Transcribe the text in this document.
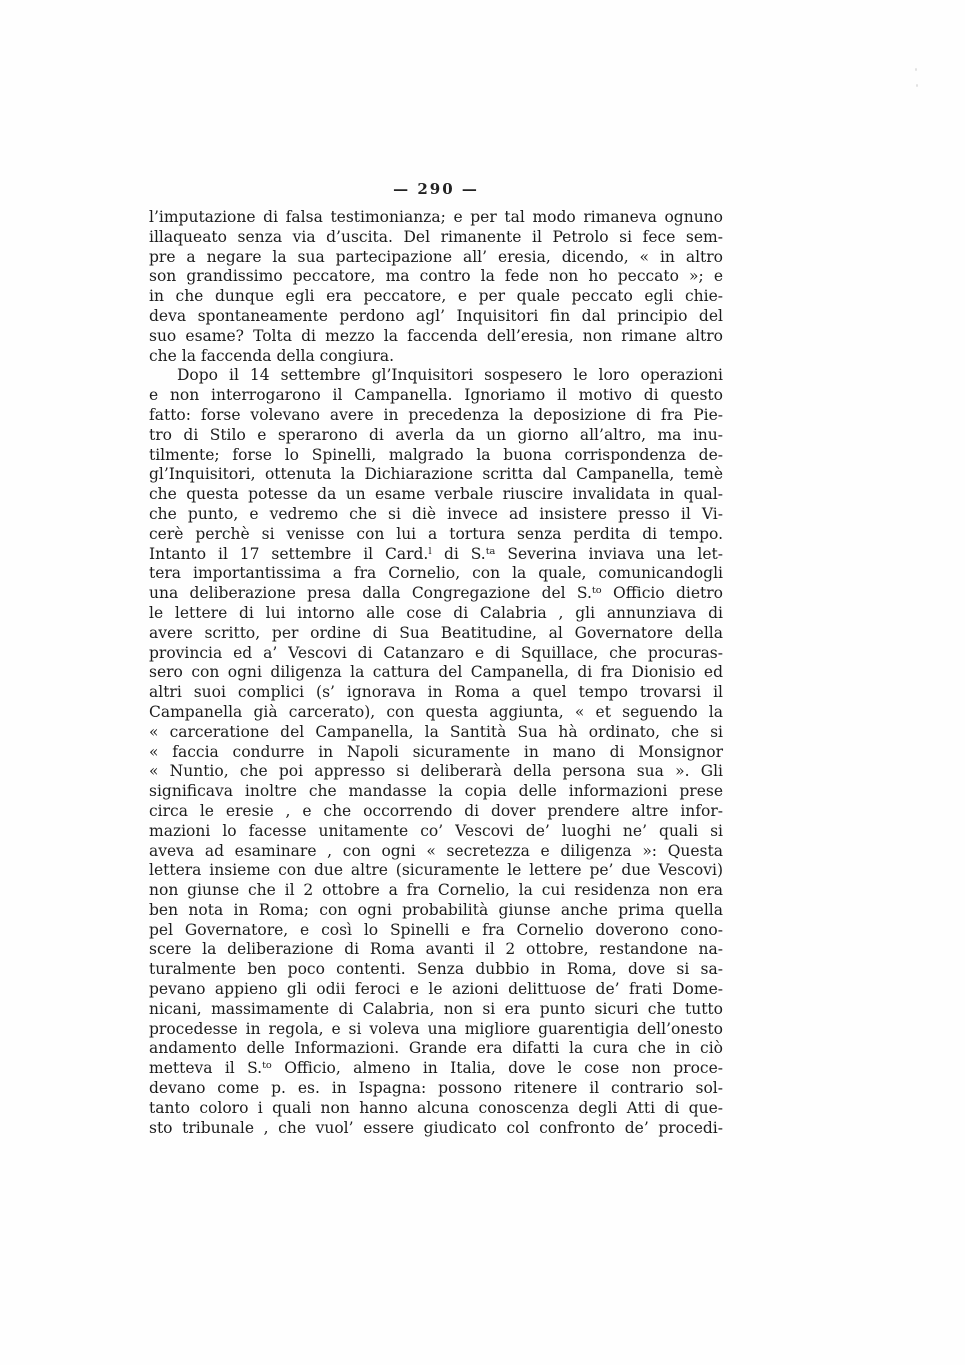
— 290 —
l’imputazione di falsa testimonianza; e per tal modo rimaneva ognuno
illaqueato senza via d’uscita. Del rimanente il Petrolo si fece sem-
pre a negare la sua partecipazione all’ eresia, dicendo, « in altro
son grandissimo peccatore, ma contro la fede non ho peccato »; e
in che dunque egli era peccatore, e per quale peccato egli chie-
deva spontaneamente perdono agl’ Inquisitori fin dal principio del
suo esame? Tolta di mezzo la faccenda dell’eresia, non rimane altro
che la faccenda della congiura.
Dopo il 14 settembre gl’Inquisitori sospesero le loro operazioni
e non interrogarono il Campanella. Ignoriamo il motivo di questo
fatto: forse volevano avere in precedenza la deposizione di fra Pie-
tro di Stilo e sperarono di averla da un giorno all’altro, ma inu-
tilmente; forse lo Spinelli, malgrado la buona corrispondenza de-
gl’Inquisitori, ottenuta la Dichiarazione scritta dal Campanella, temè
che questa potesse da un esame verbale riuscire invalidata in qual-
che punto, e vedremo che si diè invece ad insistere presso il Vi-
cerè perchè si venisse con lui a tortura senza perdita di tempo.
Intanto il 17 settembre il Card.ˡ di S.ᵗᵃ Severina inviava una let-
tera importantissima a fra Cornelio, con la quale, comunicandogli
una deliberazione presa dalla Congregazione del S.ᵗᵒ Officio dietro
le lettere di lui intorno alle cose di Calabria , gli annunziava di
avere scritto, per ordine di Sua Beatitudine, al Governatore della
provincia ed a’ Vescovi di Catanzaro e di Squillace, che procuras-
sero con ogni diligenza la cattura del Campanella, di fra Dionisio ed
altri suoi complici (s’ ignorava in Roma a quel tempo trovarsi il
Campanella già carcerato), con questa aggiunta, « et seguendo la
« carceratione del Campanella, la Santità Sua hà ordinato, che si
« faccia condurre in Napoli sicuramente in mano di Monsignor
« Nuntio, che poi appresso si deliberarà della persona sua ». Gli
significava inoltre che mandasse la copia delle informazioni prese
circa le eresie , e che occorrendo di dover prendere altre infor-
mazioni lo facesse unitamente co’ Vescovi de’ luoghi ne’ quali si
aveva ad esaminare , con ogni « secretezza e diligenza »: Questa
lettera insieme con due altre (sicuramente le lettere pe’ due Vescovi)
non giunse che il 2 ottobre a fra Cornelio, la cui residenza non era
ben nota in Roma; con ogni probabilità giunse anche prima quella
pel Governatore, e così lo Spinelli e fra Cornelio doverono cono-
scere la deliberazione di Roma avanti il 2 ottobre, restandone na-
turalmente ben poco contenti. Senza dubbio in Roma, dove si sa-
pevano appieno gli odii feroci e le azioni delittuose de’ frati Dome-
nicani, massimamente di Calabria, non si era punto sicuri che tutto
procedesse in regola, e si voleva una migliore guarentigia dell’onesto
andamento delle Informazioni. Grande era difatti la cura che in ciò
metteva il S.ᵗᵒ Officio, almeno in Italia, dove le cose non proce-
devano come p. es. in Ispagna: possono ritenere il contrario sol-
tanto coloro i quali non hanno alcuna conoscenza degli Atti di que-
sto tribunale , che vuol’ essere giudicato col confronto de’ procedi-
